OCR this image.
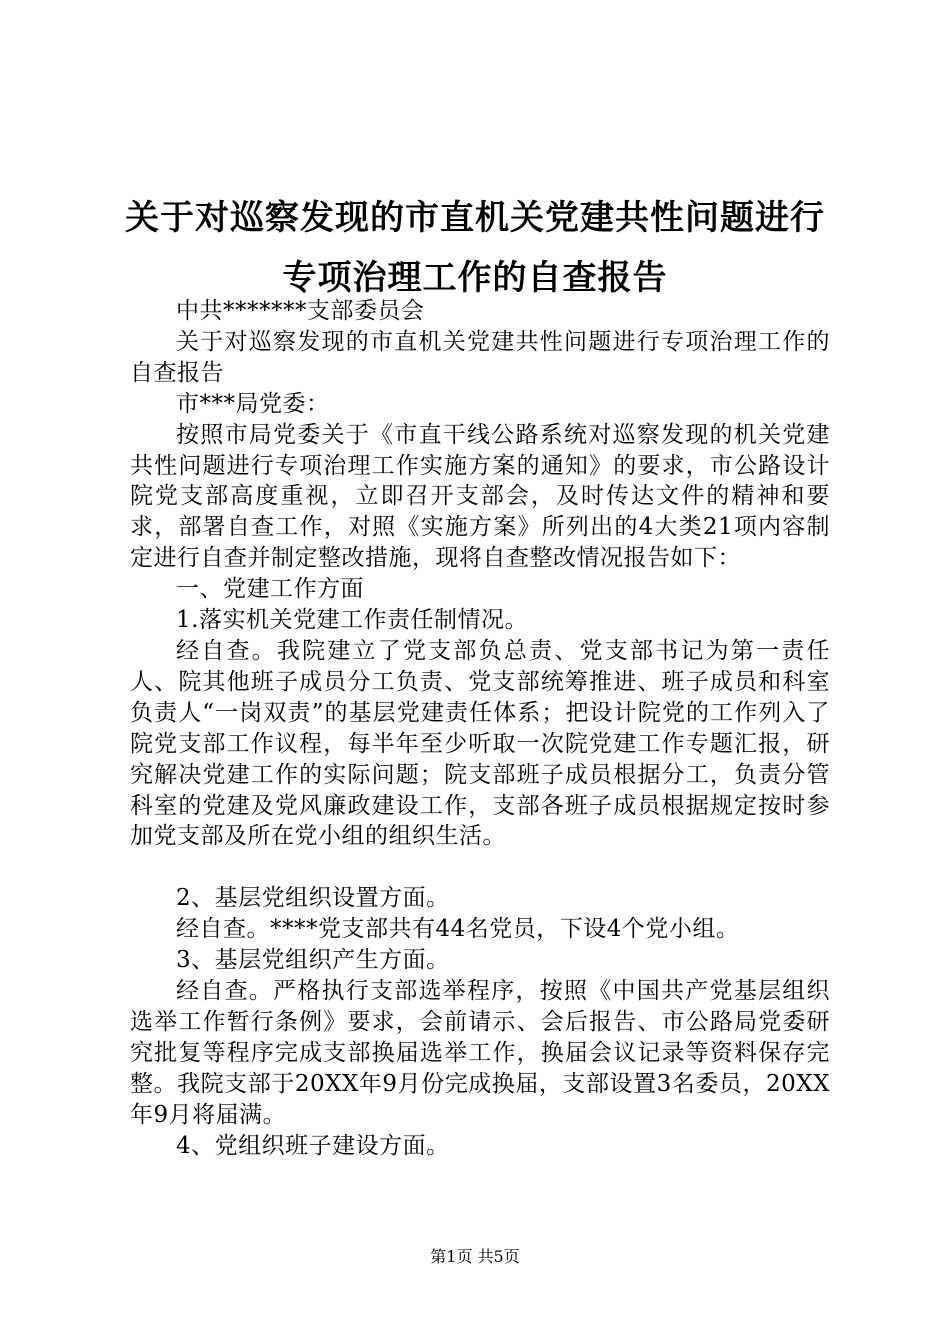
关于对巡察发现的市直机关党建共性问题进行
专项治理工作的自查报告

中共*******支部委员会

关于对巡察发现的市直机关党建共性问题进行专项治理工作的自查报告

市***局党委：

按照市局党委关于《市直干线公路系统对巡察发现的机关党建共性问题进行专项治理工作实施方案的通知》的要求，市公路设计院党支部高度重视，立即召开支部会，及时传达文件的精神和要求，部署自查工作，对照《实施方案》所列出的4大类21项内容制定进行自查并制定整改措施，现将自查整改情况报告如下：

一、党建工作方面

1.落实机关党建工作责任制情况。

经自查。我院建立了党支部负总责、党支部书记为第一责任人、院其他班子成员分工负责、党支部统筹推进、班子成员和科室负责人“一岗双责”的基层党建责任体系；把设计院党的工作列入了院党支部工作议程，每半年至少听取一次院党建工作专题汇报，研究解决党建工作的实际问题；院支部班子成员根据分工，负责分管科室的党建及党风廉政建设工作，支部各班子成员根据规定按时参加党支部及所在党小组的组织生活。

2、基层党组织设置方面。

经自查。****党支部共有44名党员，下设4个党小组。

3、基层党组织产生方面。

经自查。严格执行支部选举程序，按照《中国共产党基层组织选举工作暂行条例》要求，会前请示、会后报告、市公路局党委研究批复等程序完成支部换届选举工作，换届会议记录等资料保存完整。我院支部于20XX年9月份完成换届，支部设置3名委员，20XX年9月将届满。

4、党组织班子建设方面。

第1页 共5页
